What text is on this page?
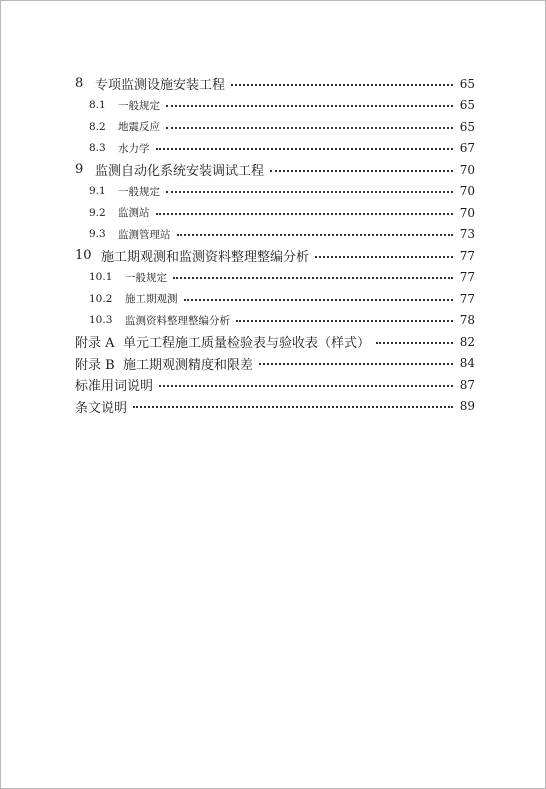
8 专项监测设施安装工程	65
8.1	一般规定	65
8.2	地震反应	65
8.3	水力学	67
9 监测自动化系统安装调试工程	70
9.1	一般规定	70
9.2	监测站	70
9.3	监测管理站	73
10 施工期观测和监测资料整理整编分析	77
10.1	一般规定	77
10.2	施工期观测	77
10.3	监测资料整理整编分析	78
附录 A 单元工程施工质量检验表与验收表（样式）	82
附录 B 施工期观测精度和限差	84
标准用词说明	87
条文说明	89
